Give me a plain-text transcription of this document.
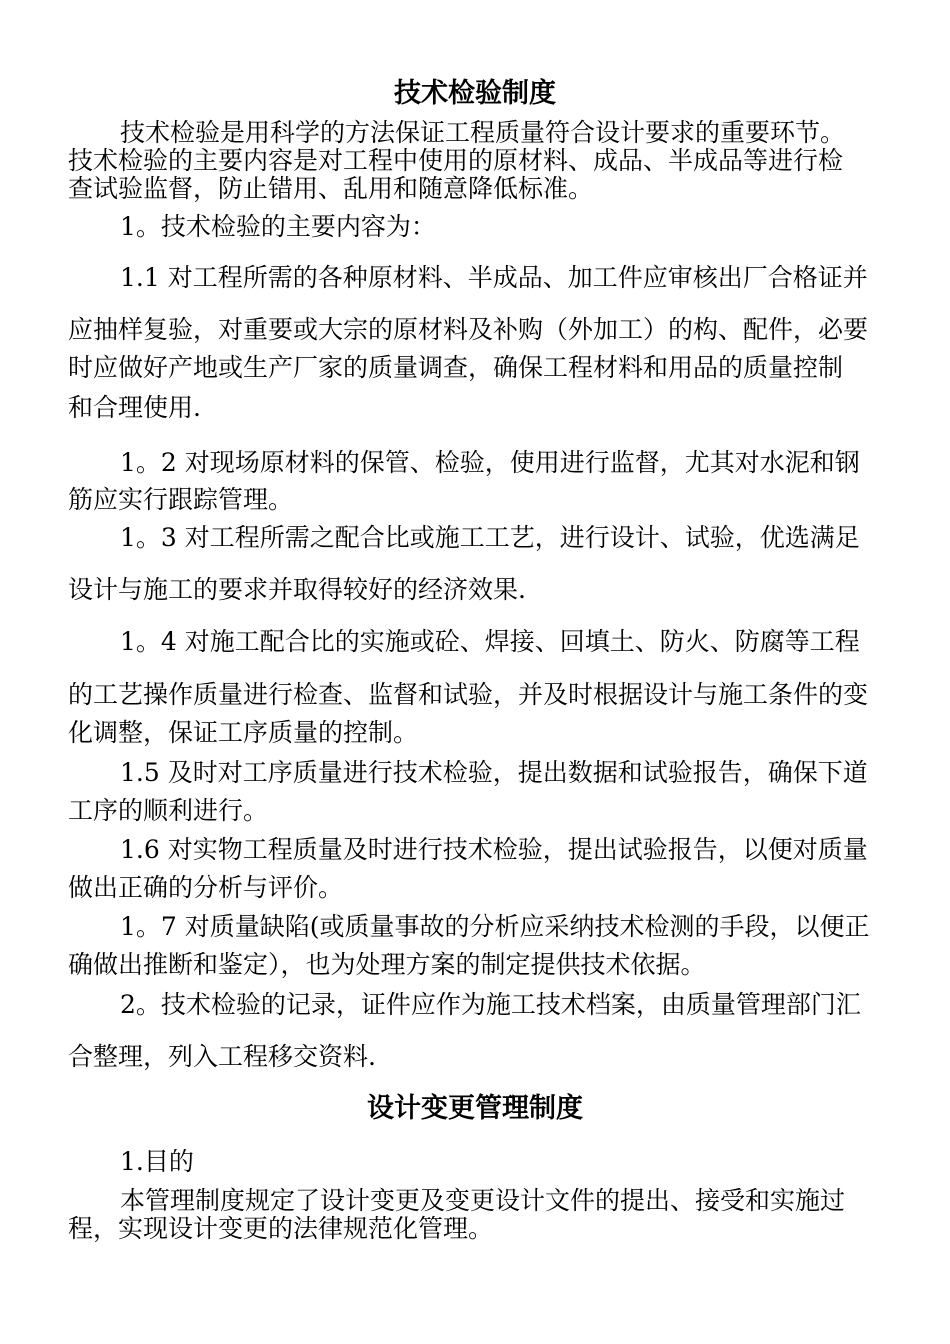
技术检验制度
技术检验是用科学的方法保证工程质量符合设计要求的重要环节。
技术检验的主要内容是对工程中使用的原材料、成品、半成品等进行检
查试验监督，防止错用、乱用和随意降低标准。
1。技术检验的主要内容为：
1.1 对工程所需的各种原材料、半成品、加工件应审核出厂合格证并
应抽样复验，对重要或大宗的原材料及补购（外加工）的构、配件，必要
时应做好产地或生产厂家的质量调查，确保工程材料和用品的质量控制
和合理使用.
1。2 对现场原材料的保管、检验，使用进行监督，尤其对水泥和钢
筋应实行跟踪管理。
1。3 对工程所需之配合比或施工工艺，进行设计、试验，优选满足
设计与施工的要求并取得较好的经济效果.
1。4 对施工配合比的实施或砼、焊接、回填土、防火、防腐等工程
的工艺操作质量进行检查、监督和试验，并及时根据设计与施工条件的变
化调整，保证工序质量的控制。
1.5 及时对工序质量进行技术检验，提出数据和试验报告，确保下道
工序的顺利进行。
1.6 对实物工程质量及时进行技术检验，提出试验报告，以便对质量
做出正确的分析与评价。
1。7 对质量缺陷(或质量事故的分析应采纳技术检测的手段，以便正
确做出推断和鉴定），也为处理方案的制定提供技术依据。
2。技术检验的记录，证件应作为施工技术档案，由质量管理部门汇
合整理，列入工程移交资料.
设计变更管理制度
1.目的
本管理制度规定了设计变更及变更设计文件的提出、接受和实施过
程，实现设计变更的法律规范化管理。
